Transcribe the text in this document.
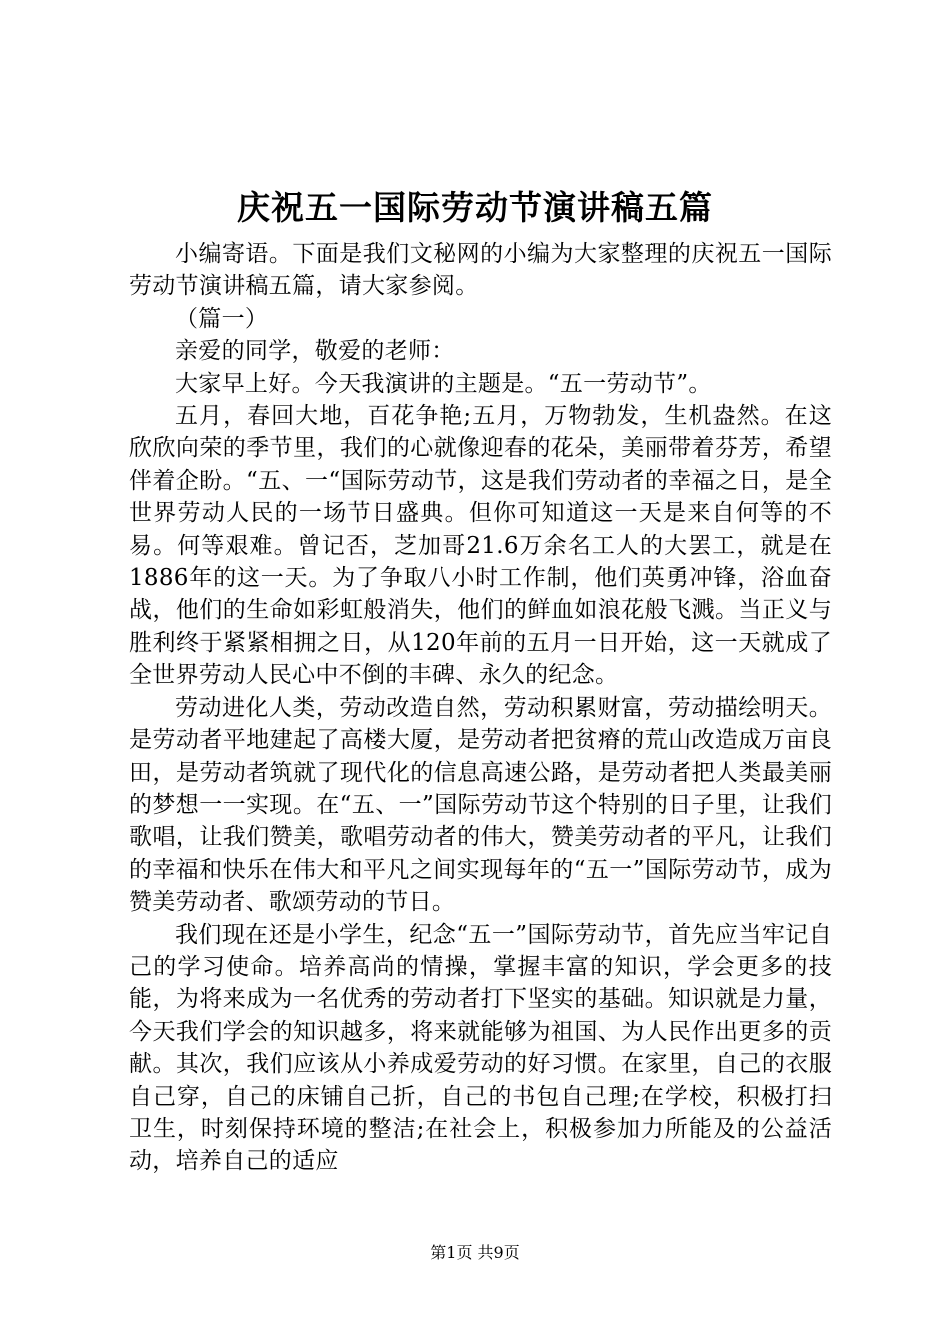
庆祝五一国际劳动节演讲稿五篇

小编寄语。下面是我们文秘网的小编为大家整理的庆祝五一国际劳动节演讲稿五篇，请大家参阅。

（篇一）

亲爱的同学，敬爱的老师：

大家早上好。今天我演讲的主题是。“五一劳动节”。

五月，春回大地，百花争艳;五月，万物勃发，生机盎然。在这欣欣向荣的季节里，我们的心就像迎春的花朵，美丽带着芬芳，希望伴着企盼。“五、一“国际劳动节，这是我们劳动者的幸福之日，是全世界劳动人民的一场节日盛典。但你可知道这一天是来自何等的不易。何等艰难。曾记否，芝加哥21.6万余名工人的大罢工，就是在1886年的这一天。为了争取八小时工作制，他们英勇冲锋，浴血奋战，他们的生命如彩虹般消失，他们的鲜血如浪花般飞溅。当正义与胜利终于紧紧相拥之日，从120年前的五月一日开始，这一天就成了全世界劳动人民心中不倒的丰碑、永久的纪念。

劳动进化人类，劳动改造自然，劳动积累财富，劳动描绘明天。是劳动者平地建起了高楼大厦，是劳动者把贫瘠的荒山改造成万亩良田，是劳动者筑就了现代化的信息高速公路，是劳动者把人类最美丽的梦想一一实现。在“五、一”国际劳动节这个特别的日子里，让我们歌唱，让我们赞美，歌唱劳动者的伟大，赞美劳动者的平凡，让我们的幸福和快乐在伟大和平凡之间实现每年的“五一”国际劳动节，成为赞美劳动者、歌颂劳动的节日。

我们现在还是小学生，纪念“五一”国际劳动节，首先应当牢记自己的学习使命。培养高尚的情操，掌握丰富的知识，学会更多的技能，为将来成为一名优秀的劳动者打下坚实的基础。知识就是力量，今天我们学会的知识越多，将来就能够为祖国、为人民作出更多的贡献。其次，我们应该从小养成爱劳动的好习惯。在家里，自己的衣服自己穿，自己的床铺自己折，自己的书包自己理;在学校，积极打扫卫生，时刻保持环境的整洁;在社会上，积极参加力所能及的公益活动，培养自己的适应

第1页 共9页
